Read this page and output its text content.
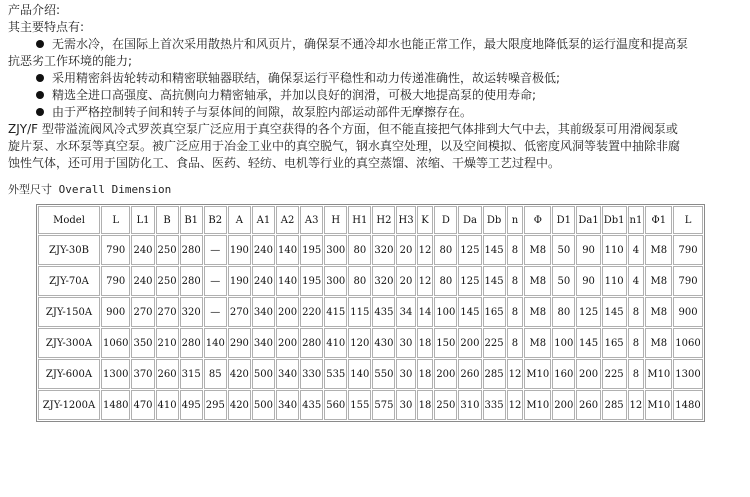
产品介绍:

其主要特点有:

无需水冷，在国际上首次采用散热片和风页片，确保泵不通冷却水也能正常工作，最大限度地降低泵的运行温度和提高泵

抗恶劣工作环境的能力;

采用精密斜齿轮转动和精密联轴器联结，确保泵运行平稳性和动力传递准确性，故运转噪音极低;
精选全进口高强度、高抗侧向力精密轴承，并加以良好的润滑，可极大地提高泵的使用寿命;
由于严格控制转子间和转子与泵体间的间隙，故泵腔内部运动部件无摩擦存在。

ZJY/F 型带溢流阀风冷式罗茨真空泵广泛应用于真空获得的各个方面，但不能直接把气体排到大气中去，其前级泵可用滑阀泵或

旋片泵、水环泵等真空泵。被广泛应用于冶金工业中的真空脱气，钢水真空处理，以及空间模拟、低密度风洞等装置中抽除非腐

蚀性气体，还可用于国防化工、食品、医药、轻纺、电机等行业的真空蒸馏、浓缩、干燥等工艺过程中。

外型尺寸 Overall Dimension

Model	L	L1	B	B1	B2	A	A1	A2	A3	H	H1	H2	H3	K	D	Da	Db	n	Φ	D1	Da1	Db1	n1	Φ1	L
ZJY-30B	790	240	250	280	—	190	240	140	195	300	80	320	20	12	80	125	145	8	M8	50	90	110	4	M8	790
ZJY-70A	790	240	250	280	—	190	240	140	195	300	80	320	20	12	80	125	145	8	M8	50	90	110	4	M8	790
ZJY-150A	900	270	270	320	—	270	340	200	220	415	115	435	34	14	100	145	165	8	M8	80	125	145	8	M8	900
ZJY-300A	1060	350	210	280	140	290	340	200	280	410	120	430	30	18	150	200	225	8	M8	100	145	165	8	M8	1060
ZJY-600A	1300	370	260	315	85	420	500	340	330	535	140	550	30	18	200	260	285	12	M10	160	200	225	8	M10	1300
ZJY-1200A	1480	470	410	495	295	420	500	340	435	560	155	575	30	18	250	310	335	12	M10	200	260	285	12	M10	1480
